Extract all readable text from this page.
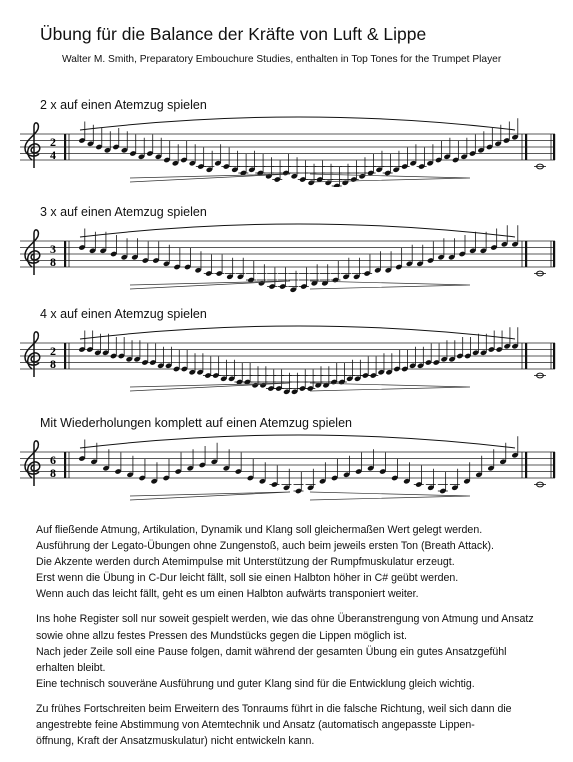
Übung für die Balance der Kräfte von Luft & Lippe
Walter M. Smith, Preparatory Embouchure Studies, enthalten in Top Tones for the Trumpet Player
2 x auf einen Atemzug spielen
2
4
3 x auf einen Atemzug spielen
3
8
4 x auf einen Atemzug spielen
2
8
Mit Wiederholungen komplett auf einen Atemzug spielen
6
8

Auf fließende Atmung, Artikulation, Dynamik und Klang soll gleichermaßen Wert gelegt werden.

Ausführung der Legato-Übungen ohne Zungenstoß, auch beim jeweils ersten Ton (Breath Attack).

Die Akzente werden durch Atemimpulse mit Unterstützung der Rumpfmuskulatur erzeugt.

Erst wenn die Übung in C-Dur leicht fällt, soll sie einen Halbton höher in C# geübt werden.

Wenn auch das leicht fällt, geht es um einen Halbton aufwärts transponiert weiter.

Ins hohe Register soll nur soweit gespielt werden, wie das ohne Überanstrengung von Atmung und Ansatz

sowie ohne allzu festes Pressen des Mundstücks gegen die Lippen möglich ist.

Nach jeder Zeile soll eine Pause folgen, damit während der gesamten Übung ein gutes Ansatzgefühl

erhalten bleibt.

Eine technisch souveräne Ausführung und guter Klang sind für die Entwicklung gleich wichtig.

Zu frühes Fortschreiten beim Erweitern des Tonraums führt in die falsche Richtung, weil sich dann die

angestrebte feine Abstimmung von Atemtechnik und Ansatz (automatisch angepasste Lippen-

öffnung, Kraft der Ansatzmuskulatur) nicht entwickeln kann.
